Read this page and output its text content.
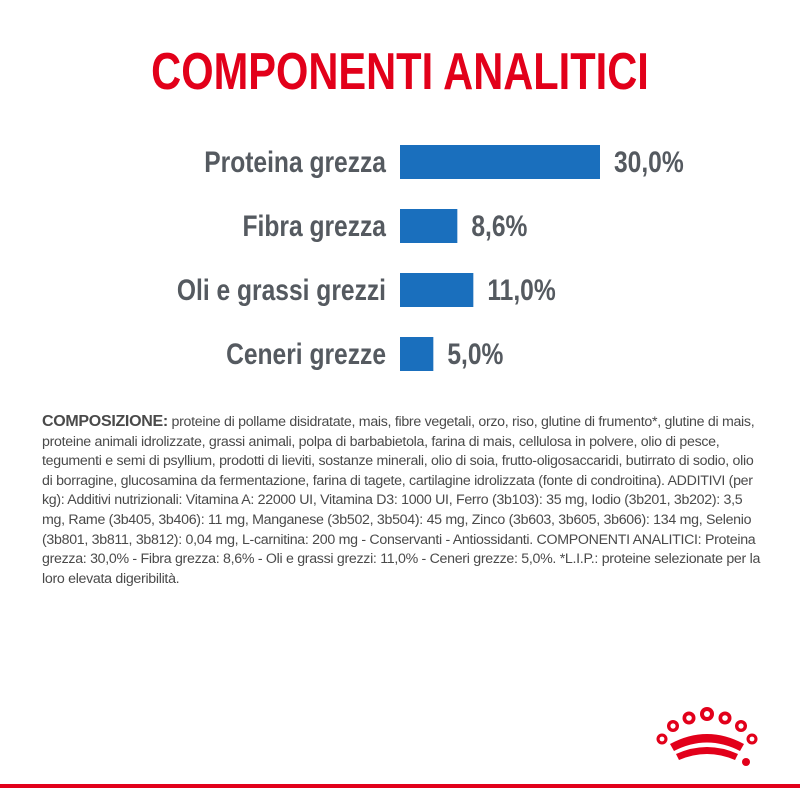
COMPONENTI ANALITICI
Proteina grezza	30,0%
Fibra grezza	8,6%
Oli e grassi grezzi	11,0%
Ceneri grezze 5,0%
COMPOSIZIONE: proteine di pollame disidratate, mais, fibre vegetali, orzo, riso, glutine di frumento*, glutine di mais, proteine animali idrolizzate, grassi animali, polpa di barbabietola, farina di mais, cellulosa in polvere, olio di pesce, tegumenti e semi di psyllium, prodotti di lieviti, sostanze minerali, olio di soia, frutto-oligosaccaridi, butirrato di sodio, olio di borragine, glucosamina da fermentazione, farina di tagete, cartilagine idrolizzata (fonte di condroitina). ADDITIVI (per kg): Additivi nutrizionali: Vitamina A: 22000 UI, Vitamina D3: 1000 UI, Ferro (3b103): 35 mg, Iodio (3b201, 3b202): 3,5 mg, Rame (3b405, 3b406): 11 mg, Manganese (3b502, 3b504): 45 mg, Zinco (3b603, 3b605, 3b606): 134 mg, Selenio (3b801, 3b811, 3b812): 0,04 mg, L-carnitina: 200 mg - Conservanti - Antiossidanti. COMPONENTI ANALITICI: Proteina grezza: 30,0% - Fibra grezza: 8,6% - Oli e grassi grezzi: 11,0% - Ceneri grezze: 5,0%. *L.I.P.: proteine selezionate per la loro elevata digeribilità.
